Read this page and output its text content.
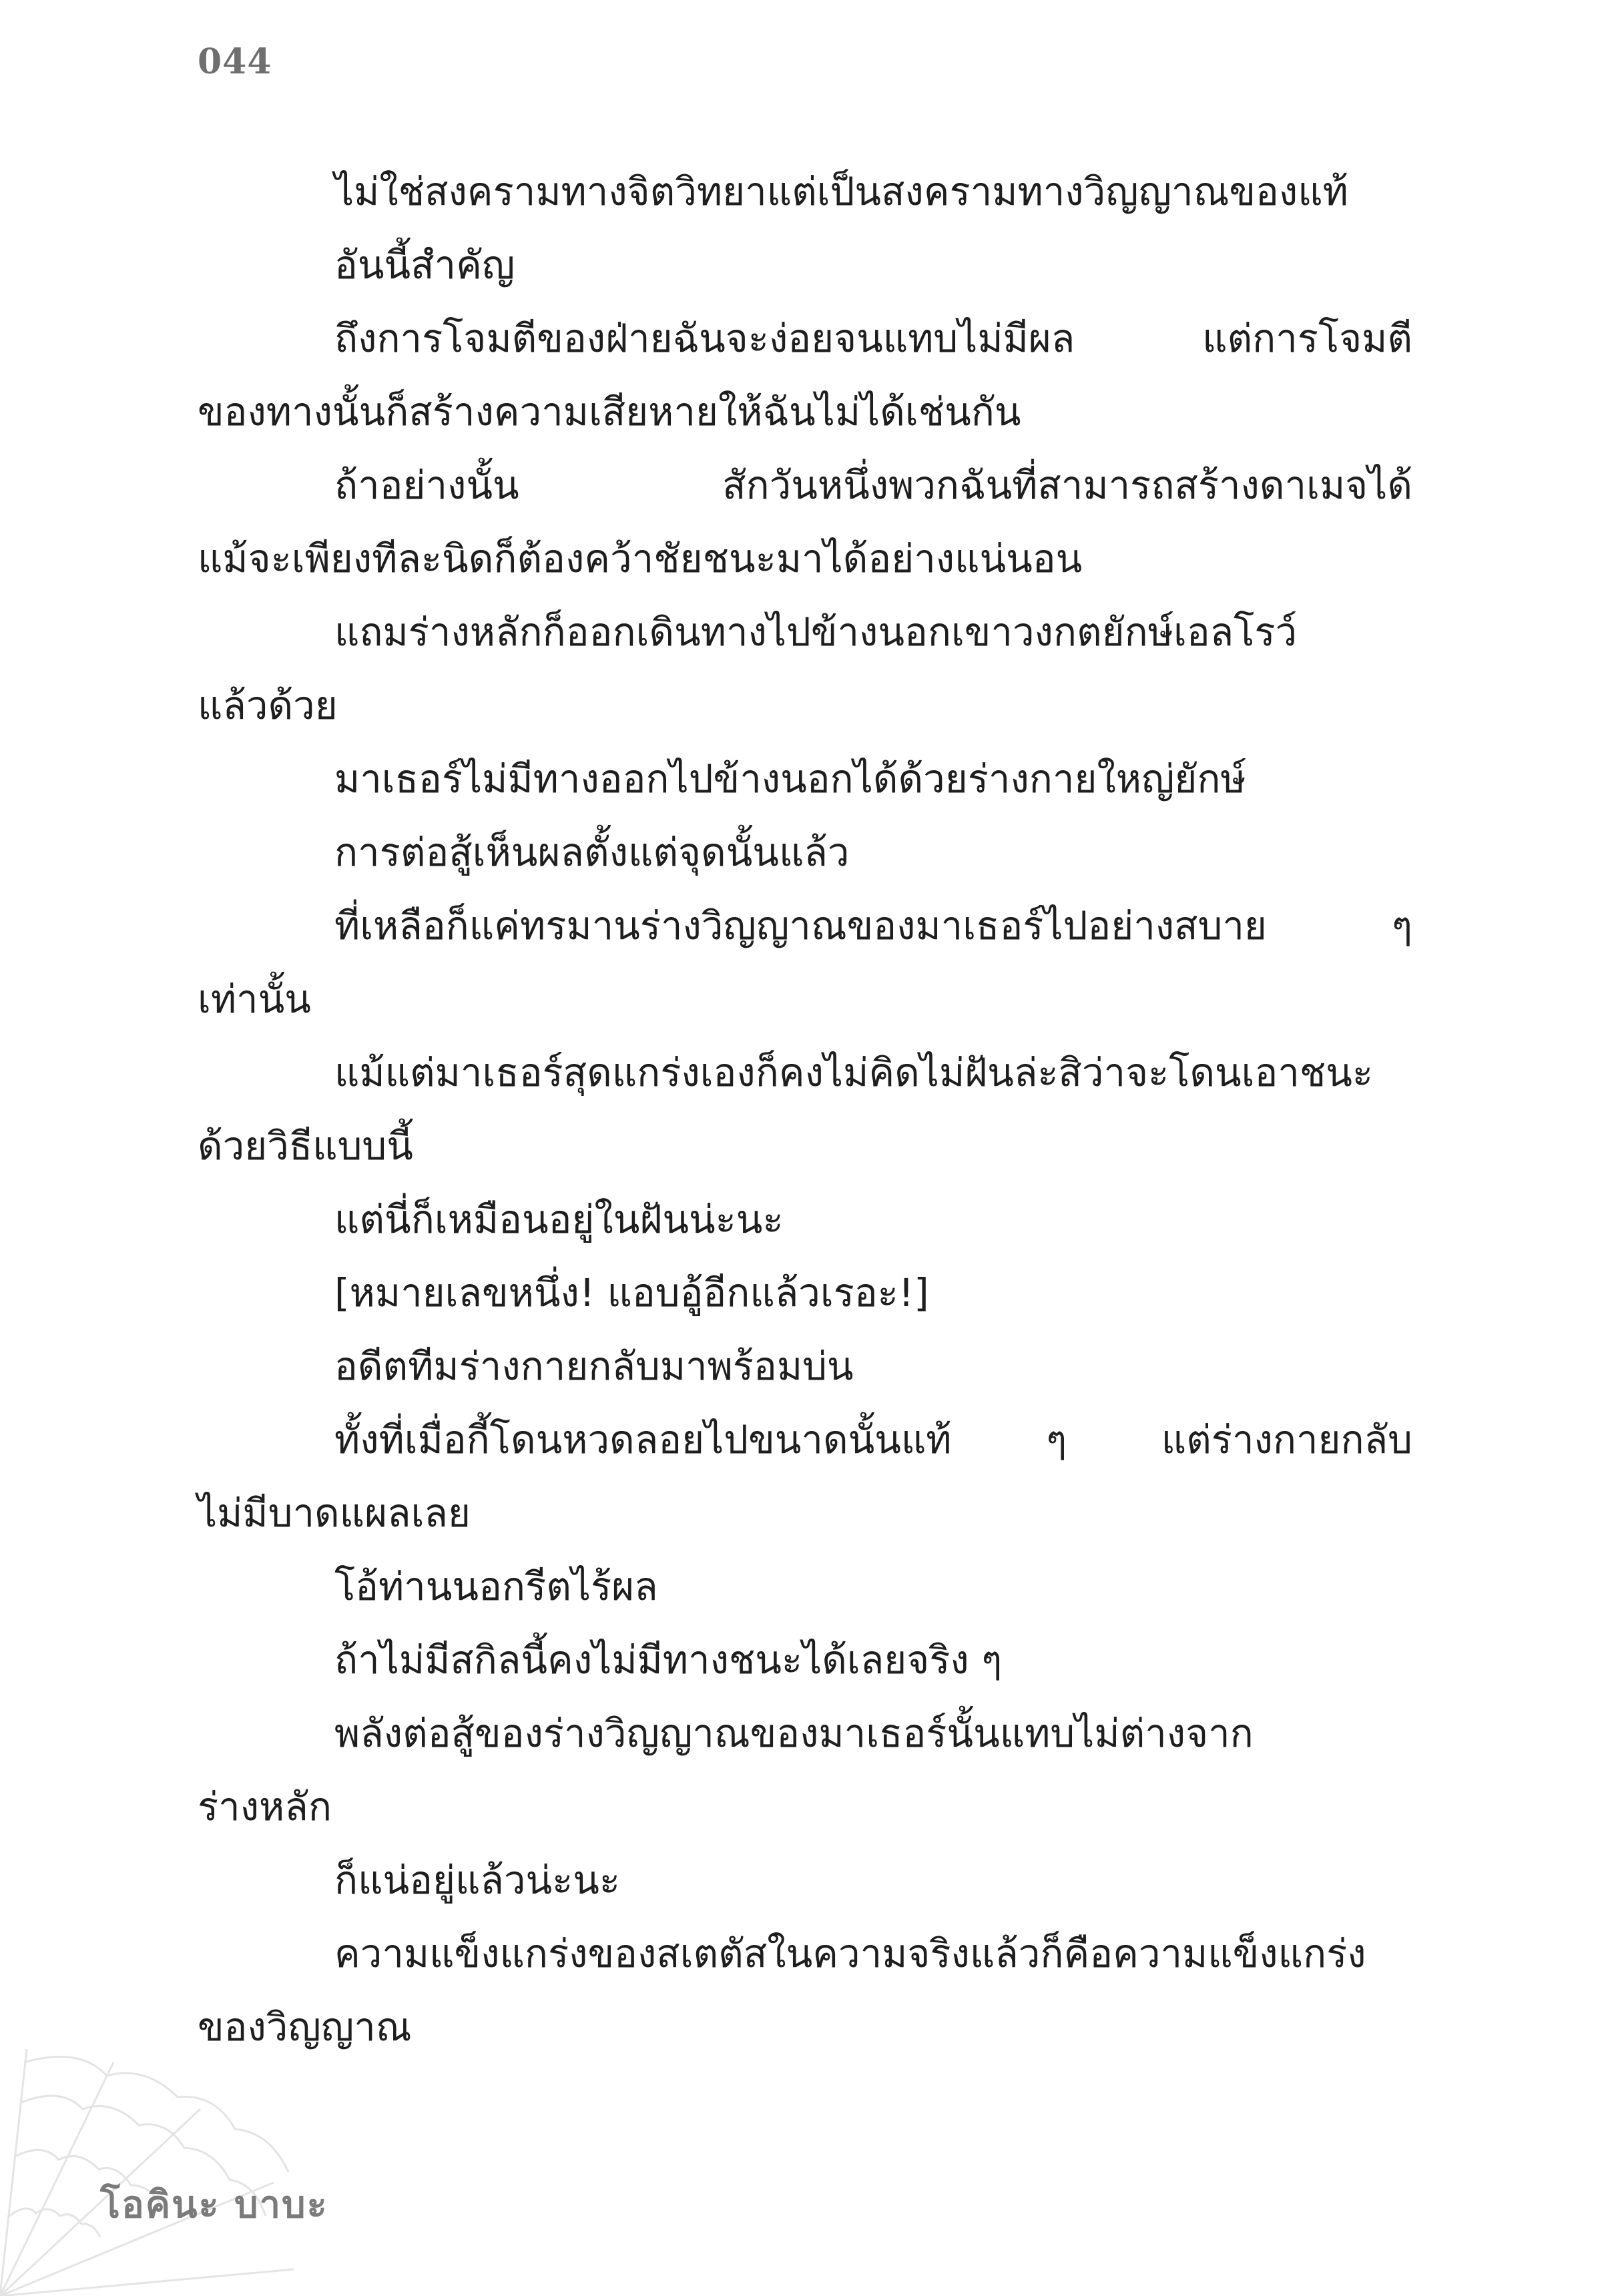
044
ไม่ใช่สงครามทางจิตวิทยาแต่เป็นสงครามทางวิญญาณของแท้
อันนี้สำคัญ
ถึงการโจมตีของฝ่ายฉันจะง่อยจนแทบไม่มีผล แต่การโจมตี
ของทางนั้นก็สร้างความเสียหายให้ฉันไม่ได้เช่นกัน
ถ้าอย่างนั้น สักวันหนึ่งพวกฉันที่สามารถสร้างดาเมจได้
แม้จะเพียงทีละนิดก็ต้องคว้าชัยชนะมาได้อย่างแน่นอน
แถมร่างหลักก็ออกเดินทางไปข้างนอกเขาวงกตยักษ์เอลโรว์
แล้วด้วย
มาเธอร์ไม่มีทางออกไปข้างนอกได้ด้วยร่างกายใหญ่ยักษ์
การต่อสู้เห็นผลตั้งแต่จุดนั้นแล้ว
ที่เหลือก็แค่ทรมานร่างวิญญาณของมาเธอร์ไปอย่างสบาย ๆ
เท่านั้น
แม้แต่มาเธอร์สุดแกร่งเองก็คงไม่คิดไม่ฝันล่ะสิว่าจะโดนเอาชนะ
ด้วยวิธีแบบนี้
แต่นี่ก็เหมือนอยู่ในฝันน่ะนะ
[หมายเลขหนึ่ง! แอบอู้อีกแล้วเรอะ!]
อดีตทีมร่างกายกลับมาพร้อมบ่น
ทั้งที่เมื่อกี้โดนหวดลอยไปขนาดนั้นแท้ ๆ แต่ร่างกายกลับ
ไม่มีบาดแผลเลย
โอ้ท่านนอกรีตไร้ผล
ถ้าไม่มีสกิลนี้คงไม่มีทางชนะได้เลยจริง ๆ
พลังต่อสู้ของร่างวิญญาณของมาเธอร์นั้นแทบไม่ต่างจาก
ร่างหลัก
ก็แน่อยู่แล้วน่ะนะ
ความแข็งแกร่งของสเตตัสในความจริงแล้วก็คือความแข็งแกร่ง
ของวิญญาณ
โอคินะ บาบะ
